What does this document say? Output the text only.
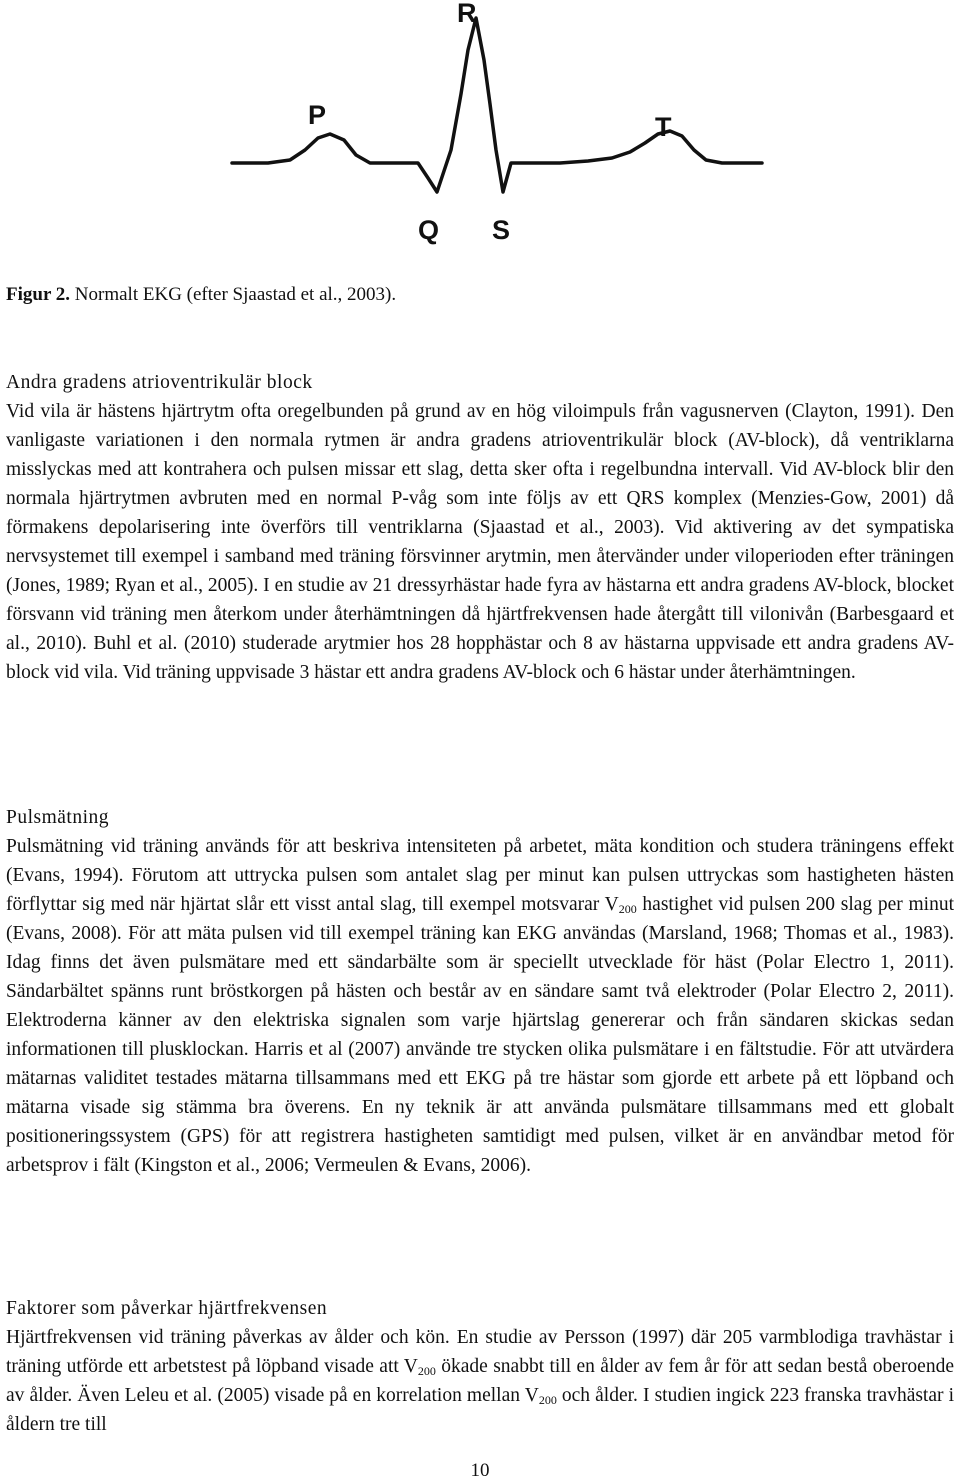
R
P	T
Q S

Figur 2. Normalt EKG (efter Sjaastad et al., 2003).

Andra gradens atrioventrikulär block

Vid vila är hästens hjärtrytm ofta oregelbunden på grund av en hög viloimpuls från vagusnerven (Clayton, 1991). Den vanligaste variationen i den normala rytmen är andra gradens atrioventrikulär block (AV-block), då ventriklarna misslyckas med att kontrahera och pulsen missar ett slag, detta sker ofta i regelbundna intervall. Vid AV-block blir den normala hjärtrytmen avbruten med en normal P-våg som inte följs av ett QRS komplex (Menzies-Gow, 2001) då förmakens depolarisering inte överförs till ventriklarna (Sjaastad et al., 2003). Vid aktivering av det sympatiska nervsystemet till exempel i samband med träning försvinner arytmin, men återvänder under viloperioden efter träningen (Jones, 1989; Ryan et al., 2005). I en studie av 21 dressyrhästar hade fyra av hästarna ett andra gradens AV-block, blocket försvann vid träning men återkom under återhämtningen då hjärtfrekvensen hade återgått till vilonivån (Barbesgaard et al., 2010). Buhl et al. (2010) studerade arytmier hos 28 hopphästar och 8 av hästarna uppvisade ett andra gradens AV-block vid vila. Vid träning uppvisade 3 hästar ett andra gradens AV-block och 6 hästar under återhämtningen.

Pulsmätning

Pulsmätning vid träning används för att beskriva intensiteten på arbetet, mäta kondition och studera träningens effekt (Evans, 1994). Förutom att uttrycka pulsen som antalet slag per minut kan pulsen uttryckas som hastigheten hästen förflyttar sig med när hjärtat slår ett visst antal slag, till exempel motsvarar $V_{200}$ hastighet vid pulsen 200 slag per minut (Evans, 2008). För att mäta pulsen vid till exempel träning kan EKG användas (Marsland, 1968; Thomas et al., 1983). Idag finns det även pulsmätare med ett sändarbälte som är speciellt utvecklade för häst (Polar Electro 1, 2011). Sändarbältet spänns runt bröstkorgen på hästen och består av en sändare samt två elektroder (Polar Electro 2, 2011). Elektroderna känner av den elektriska signalen som varje hjärtslag genererar och från sändaren skickas sedan informationen till plusklockan. Harris et al (2007) använde tre stycken olika pulsmätare i en fältstudie. För att utvärdera mätarnas validitet testades mätarna tillsammans med ett EKG på tre hästar som gjorde ett arbete på ett löpband och mätarna visade sig stämma bra överens. En ny teknik är att använda pulsmätare tillsammans med ett globalt positioneringssystem (GPS) för att registrera hastigheten samtidigt med pulsen, vilket är en användbar metod för arbetsprov i fält (Kingston et al., 2006; Vermeulen & Evans, 2006).

Faktorer som påverkar hjärtfrekvensen

Hjärtfrekvensen vid träning påverkas av ålder och kön. En studie av Persson (1997) där 205 varmblodiga travhästar i träning utförde ett arbetstest på löpband visade att $V_{200}$ ökade snabbt till en ålder av fem år för att sedan bestå oberoende av ålder. Även Leleu et al. (2005) visade på en korrelation mellan $V_{200}$ och ålder. I studien ingick 223 franska travhästar i åldern tre till

10
